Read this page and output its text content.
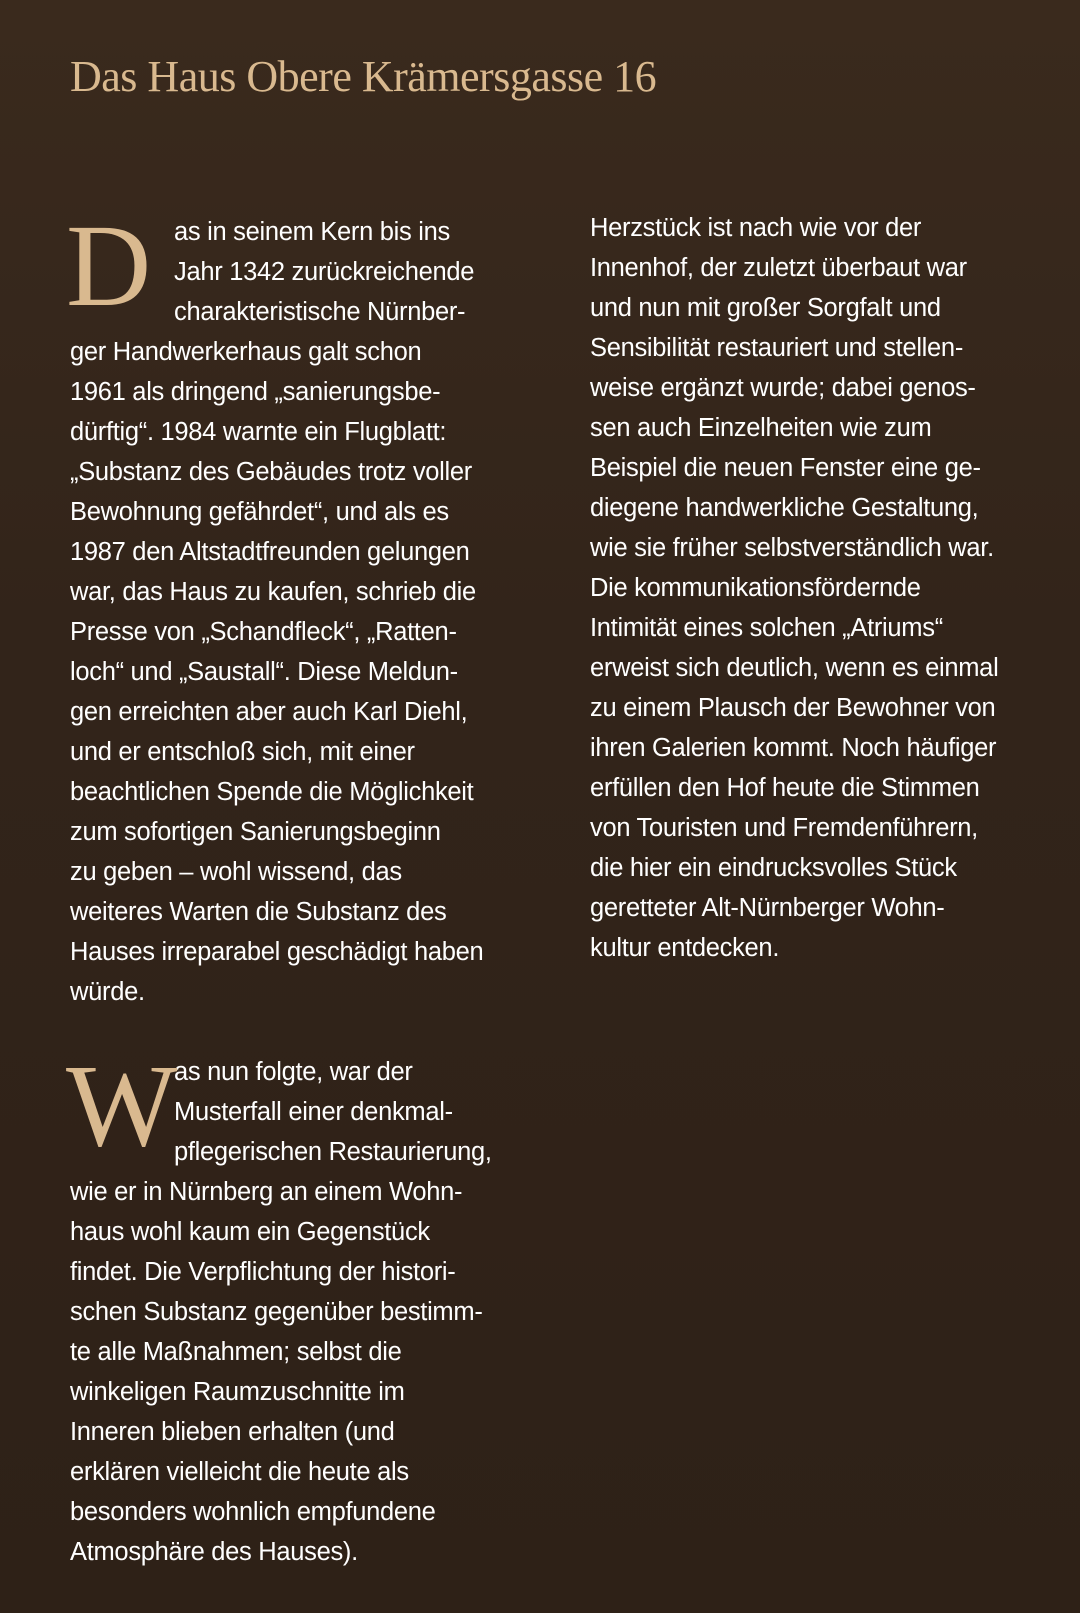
Das Haus Obere Krämersgasse 16
D as in seinem Kern bis ins
Jahr 1342 zurückreichende
charakteristische Nürnber-
ger Handwerkerhaus galt schon
1961 als dringend „sanierungsbe-
dürftig“. 1984 warnte ein Flugblatt:
„Substanz des Gebäudes trotz voller
Bewohnung gefährdet“, und als es
1987 den Altstadtfreunden gelungen
war, das Haus zu kaufen, schrieb die
Presse von „Schandfleck“, „Ratten-
loch“ und „Saustall“. Diese Meldun-
gen erreichten aber auch Karl Diehl,
und er entschloß sich, mit einer
beachtlichen Spende die Möglichkeit
zum sofortigen Sanierungsbeginn
zu geben – wohl wissend, das
weiteres Warten die Substanz des
Hauses irreparabel geschädigt haben
würde.
W
as nun folgte, war der
Musterfall einer denkmal-
pflegerischen Restaurierung,
wie er in Nürnberg an einem Wohn-
haus wohl kaum ein Gegenstück
findet. Die Verpflichtung der histori-
schen Substanz gegenüber bestimm-
te alle Maßnahmen; selbst die
winkeligen Raumzuschnitte im
Inneren blieben erhalten (und
erklären vielleicht die heute als
besonders wohnlich empfundene
Atmosphäre des Hauses).
Herzstück ist nach wie vor der
Innenhof, der zuletzt überbaut war
und nun mit großer Sorgfalt und
Sensibilität restauriert und stellen-
weise ergänzt wurde; dabei genos-
sen auch Einzelheiten wie zum
Beispiel die neuen Fenster eine ge-
diegene handwerkliche Gestaltung,
wie sie früher selbstverständlich war.
Die kommunikationsfördernde
Intimität eines solchen „Atriums“
erweist sich deutlich, wenn es einmal
zu einem Plausch der Bewohner von
ihren Galerien kommt. Noch häufiger
erfüllen den Hof heute die Stimmen
von Touristen und Fremdenführern,
die hier ein eindrucksvolles Stück
geretteter Alt-Nürnberger Wohn-
kultur entdecken.
